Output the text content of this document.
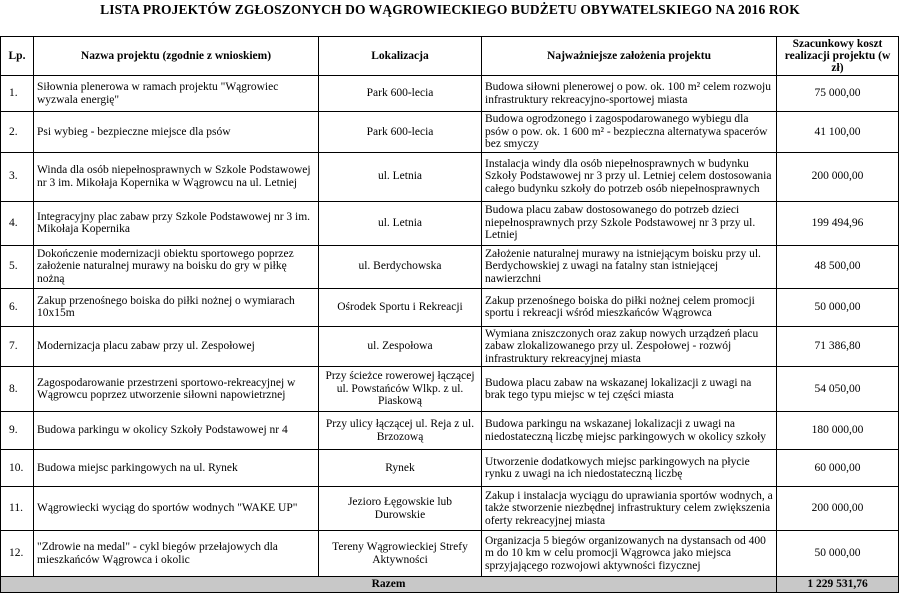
LISTA PROJEKTÓW ZGŁOSZONYCH DO WĄGROWIECKIEGO BUDŻETU OBYWATELSKIEGO NA 2016 ROK
Lp.	Nazwa projektu (zgodnie z wnioskiem)	Lokalizacja	Najważniejsze założenia projektu	Szacunkowy koszt realizacji projektu (w zł)
1.	Siłownia plenerowa w ramach projektu "Wągrowiec wyzwala energię"	Park 600-lecia	Budowa siłowni plenerowej o pow. ok. 100 m² celem rozwoju infrastruktury rekreacyjno-sportowej miasta	75 000,00
2.	Psi wybieg - bezpieczne miejsce dla psów	Park 600-lecia	Budowa ogrodzonego i zagospodarowanego wybiegu dla psów o pow. ok. 1 600 m² - bezpieczna alternatywa spacerów bez smyczy	41 100,00
3.	Winda dla osób niepełnosprawnych w Szkole Podstawowej nr 3 im. Mikołaja Kopernika w Wągrowcu na ul. Letniej	ul. Letnia	Instalacja windy dla osób niepełnosprawnych w budynku Szkoły Podstawowej nr 3 przy ul. Letniej celem dostosowania całego budynku szkoły do potrzeb osób niepełnosprawnych	200 000,00
4.	Integracyjny plac zabaw przy Szkole Podstawowej nr 3 im. Mikołaja Kopernika	ul. Letnia	Budowa placu zabaw dostosowanego do potrzeb dzieci niepełnosprawnych przy Szkole Podstawowej nr 3 przy ul. Letniej	199 494,96
5.	Dokończenie modernizacji obiektu sportowego poprzez założenie naturalnej murawy na boisku do gry w piłkę nożną	ul. Berdychowska	Założenie naturalnej murawy na istniejącym boisku przy ul. Berdychowskiej z uwagi na fatalny stan istniejącej nawierzchni	48 500,00
6.	Zakup przenośnego boiska do piłki nożnej o wymiarach 10x15m	Ośrodek Sportu i Rekreacji	Zakup przenośnego boiska do piłki nożnej celem promocji sportu i rekreacji wśród mieszkańców Wągrowca	50 000,00
7.	Modernizacja placu zabaw przy ul. Zespołowej	ul. Zespołowa	Wymiana zniszczonych oraz zakup nowych urządzeń placu zabaw zlokalizowanego przy ul. Zespołowej - rozwój infrastruktury rekreacyjnej miasta	71 386,80
8.	Zagospodarowanie przestrzeni sportowo-rekreacyjnej w Wągrowcu poprzez utworzenie siłowni napowietrznej	Przy ścieżce rowerowej łączącej ul. Powstańców Wlkp. z ul. Piaskową	Budowa placu zabaw na wskazanej lokalizacji z uwagi na brak tego typu miejsc w tej części miasta	54 050,00
9.	Budowa parkingu w okolicy Szkoły Podstawowej nr 4	Przy ulicy łączącej ul. Reja z ul. Brzozową	Budowa parkingu na wskazanej lokalizacji z uwagi na niedostateczną liczbę miejsc parkingowych w okolicy szkoły	180 000,00
10.	Budowa miejsc parkingowych na ul. Rynek	Rynek	Utworzenie dodatkowych miejsc parkingowych na płycie rynku z uwagi na ich niedostateczną liczbę	60 000,00
11.	Wągrowiecki wyciąg do sportów wodnych "WAKE UP"	Jezioro Łęgowskie lub Durowskie	Zakup i instalacja wyciągu do uprawiania sportów wodnych, a także stworzenie niezbędnej infrastruktury celem zwiększenia oferty rekreacyjnej miasta	200 000,00
12.	"Zdrowie na medal" - cykl biegów przełajowych dla mieszkańców Wągrowca i okolic	Tereny Wągrowieckiej Strefy Aktywności	Organizacja 5 biegów organizowanych na dystansach od 400 m do 10 km w celu promocji Wągrowca jako miejsca sprzyjającego rozwojowi aktywności fizycznej	50 000,00
Razem				1 229 531,76
